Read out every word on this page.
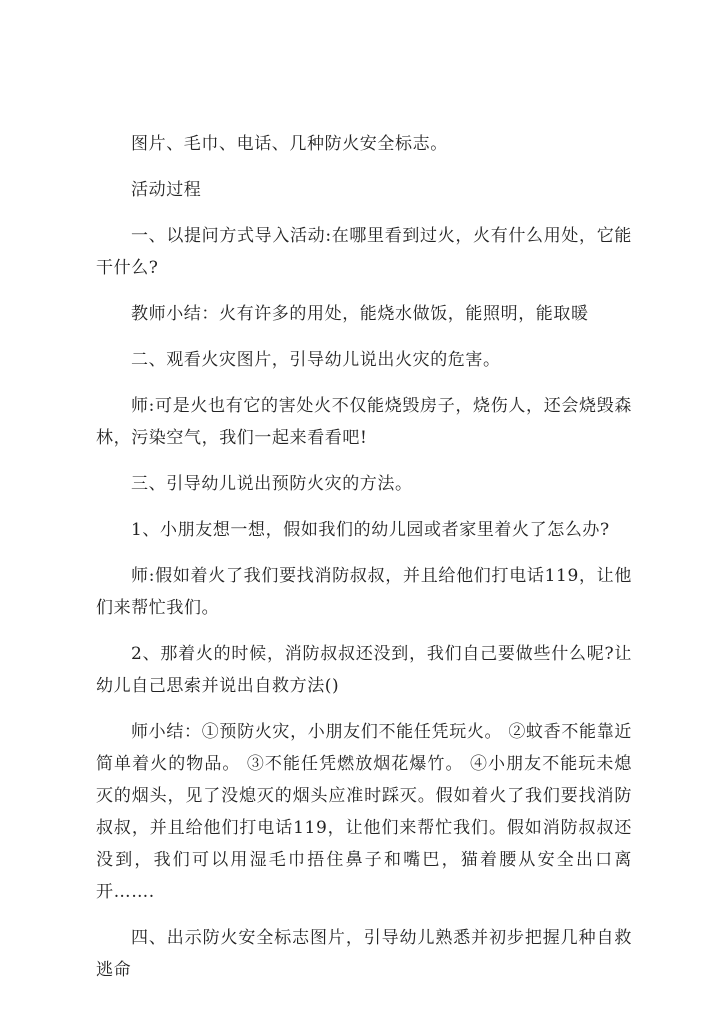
图片、毛巾、电话、几种防火安全标志。

活动过程

一、以提问方式导入活动:在哪里看到过火，火有什么用处，它能干什么?

教师小结：火有许多的用处，能烧水做饭，能照明，能取暖

二、观看火灾图片，引导幼儿说出火灾的危害。

师:可是火也有它的害处火不仅能烧毁房子，烧伤人，还会烧毁森林，污染空气，我们一起来看看吧!

三、引导幼儿说出预防火灾的方法。

1、小朋友想一想，假如我们的幼儿园或者家里着火了怎么办?

师:假如着火了我们要找消防叔叔，并且给他们打电话119，让他们来帮忙我们。

2、那着火的时候，消防叔叔还没到，我们自己要做些什么呢?让幼儿自己思索并说出自救方法()

师小结：①预防火灾，小朋友们不能任凭玩火。 ②蚊香不能靠近简单着火的物品。 ③不能任凭燃放烟花爆竹。 ④小朋友不能玩未熄灭的烟头，见了没熄灭的烟头应准时踩灭。假如着火了我们要找消防叔叔，并且给他们打电话119，让他们来帮忙我们。假如消防叔叔还没到，我们可以用湿毛巾捂住鼻子和嘴巴，猫着腰从安全出口离开…….

四、出示防火安全标志图片，引导幼儿熟悉并初步把握几种自救逃命
